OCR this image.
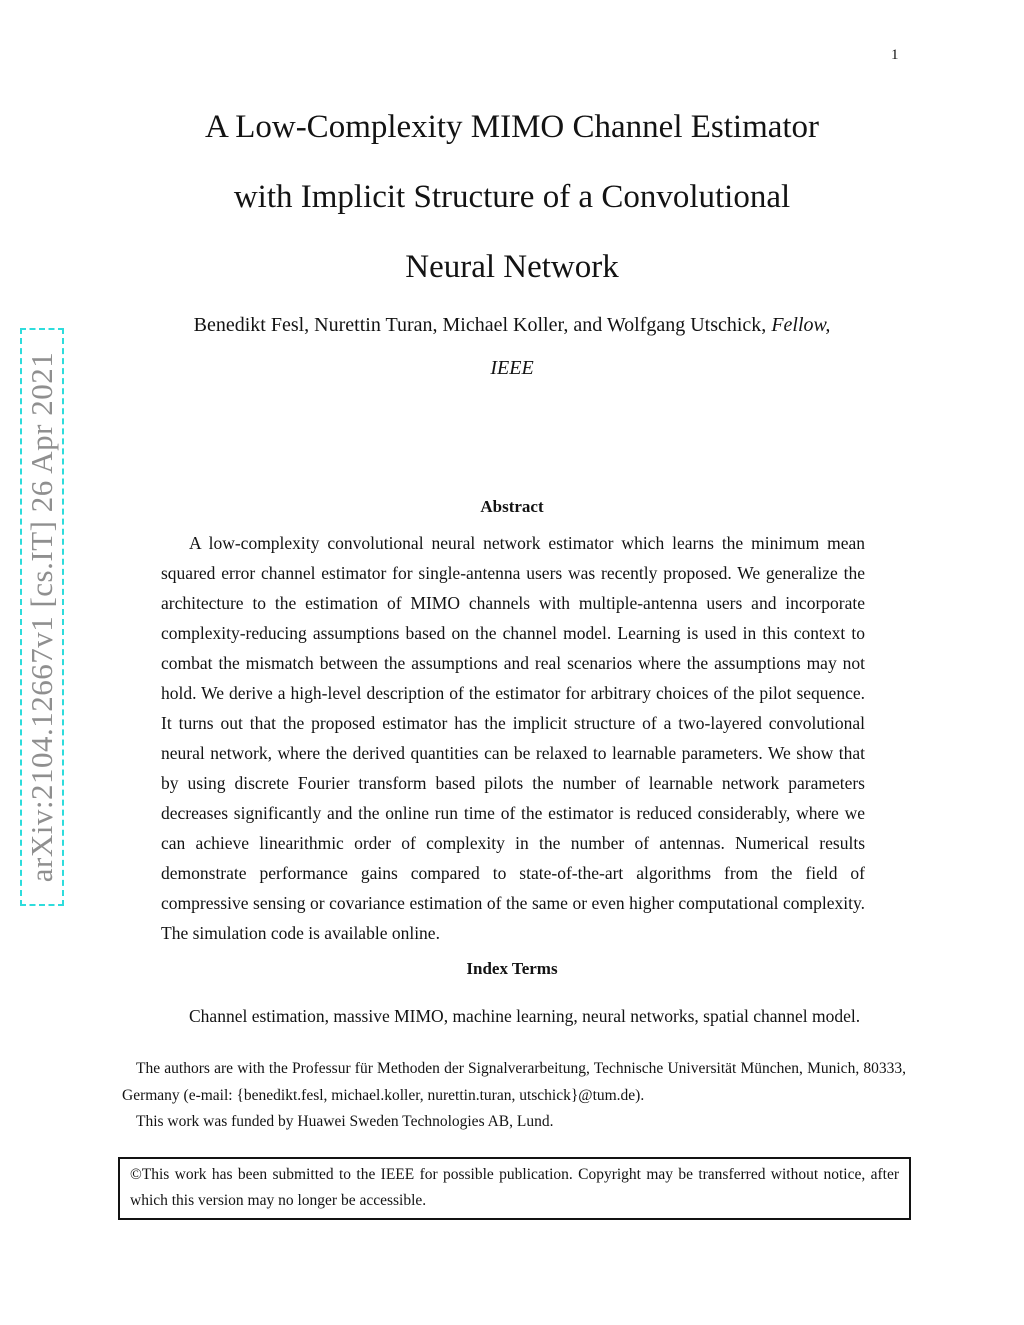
1
arXiv:2104.12667v1 [cs.IT] 26 Apr 2021
A Low-Complexity MIMO Channel Estimator
with Implicit Structure of a Convolutional
Neural Network
Benedikt Fesl, Nurettin Turan, Michael Koller, and Wolfgang Utschick, Fellow,
IEEE
Abstract

A low-complexity convolutional neural network estimator which learns the minimum mean squared error channel estimator for single-antenna users was recently proposed. We generalize the architecture to the estimation of MIMO channels with multiple-antenna users and incorporate complexity-reducing assumptions based on the channel model. Learning is used in this context to combat the mismatch between the assumptions and real scenarios where the assumptions may not hold. We derive a high-level description of the estimator for arbitrary choices of the pilot sequence. It turns out that the proposed estimator has the implicit structure of a two-layered convolutional neural network, where the derived quantities can be relaxed to learnable parameters. We show that by using discrete Fourier transform based pilots the number of learnable network parameters decreases significantly and the online run time of the estimator is reduced considerably, where we can achieve linearithmic order of complexity in the number of antennas. Numerical results demonstrate performance gains compared to state-of-the-art algorithms from the field of compressive sensing or covariance estimation of the same or even higher computational complexity. The simulation code is available online.

Index Terms

Channel estimation, massive MIMO, machine learning, neural networks, spatial channel model.

The authors are with the Professur für Methoden der Signalverarbeitung, Technische Universität München, Munich, 80333, Germany (e-mail: {benedikt.fesl, michael.koller, nurettin.turan, utschick}@tum.de).

This work was funded by Huawei Sweden Technologies AB, Lund.

©This work has been submitted to the IEEE for possible publication. Copyright may be transferred without notice, after which this version may no longer be accessible.
